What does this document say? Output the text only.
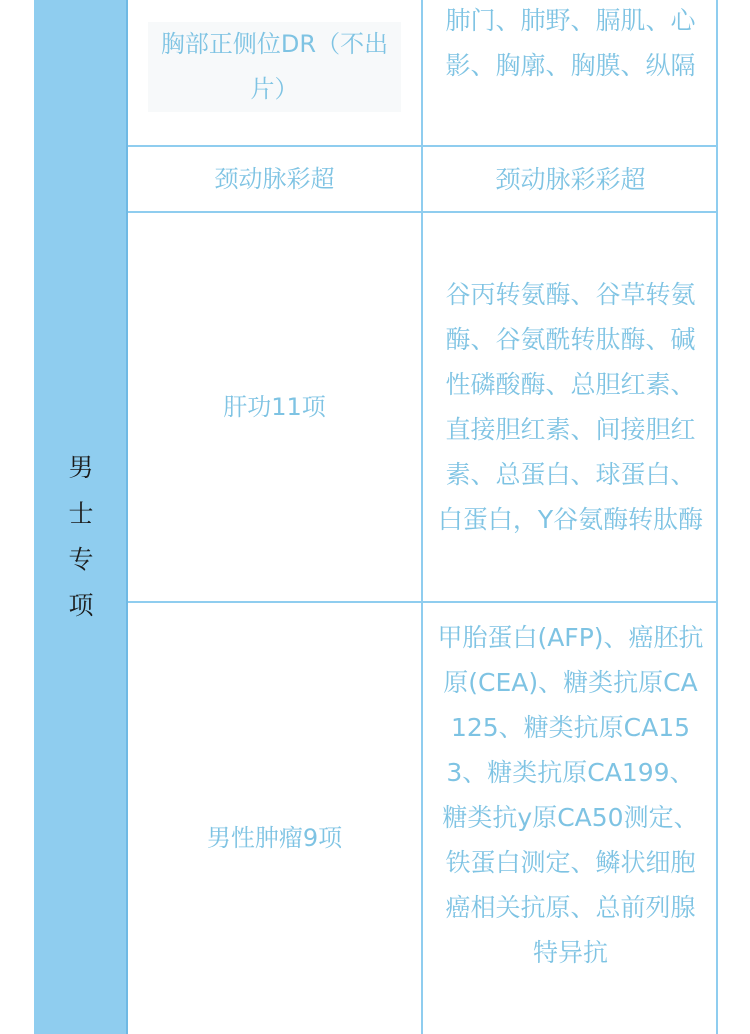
男
士
专
项
胸部正侧位DR（不出片）
肺门、肺野、膈肌、心影、胸廓、胸膜、纵隔
颈动脉彩超	颈动脉彩彩超
肝功11项
谷丙转氨酶、谷草转氨酶、谷氨酰转肽酶、碱性磷酸酶、总胆红素、直接胆红素、间接胆红素、总蛋白、球蛋白、白蛋白，Y谷氨酶转肽酶
男性肿瘤9项
甲胎蛋白(AFP)、癌胚抗原(CEA)、糖类抗原CA125、糖类抗原CA153、糖类抗原CA199、糖类抗y原CA50测定、铁蛋白测定、鳞状细胞癌相关抗原、总前列腺特异抗
